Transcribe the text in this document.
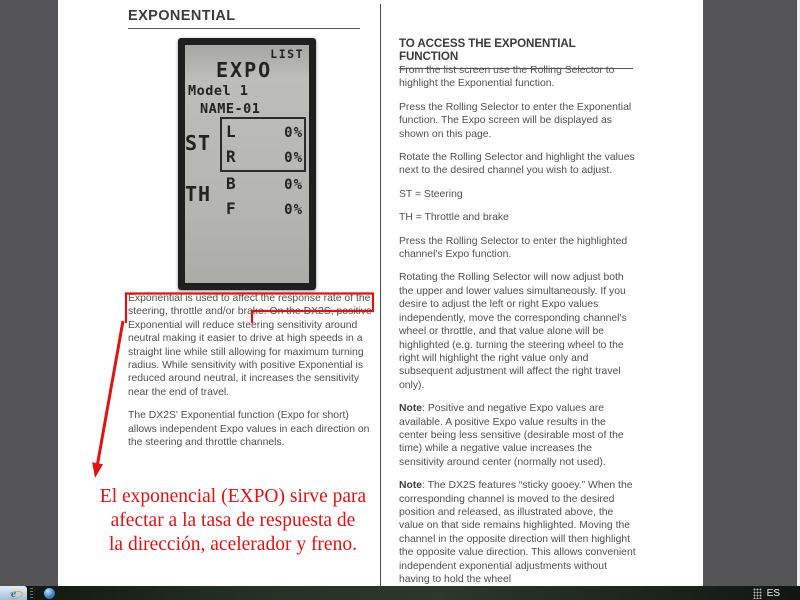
EXPONENTIAL
LIST
EXPO
Model 1
NAME-01
ST
TH
L	0%
R	0%
B	0%
F	0%

Exponential is used to affect the response rate of the steering, throttle and/or brake. On the DX2S, positive Exponential will reduce steering sensitivity around neutral making it easier to drive at high speeds in a straight line while still allowing for maximum turning radius. While sensitivity with positive Exponential is reduced around neutral, it increases the sensitivity near the end of travel.

The DX2S' Exponential function (Expo for short) allows independent Expo values in each direction on the steering and throttle channels.

TO ACCESS THE EXPONENTIAL FUNCTION

From the list screen use the Rolling Selector to highlight the Exponential function.

Press the Rolling Selector to enter the Exponential function. The Expo screen will be displayed as shown on this page.

Rotate the Rolling Selector and highlight the values next to the desired channel you wish to adjust.

ST = Steering

TH = Throttle and brake

Press the Rolling Selector to enter the highlighted channel's Expo function.

Rotating the Rolling Selector will now adjust both the upper and lower values simultaneously. If you desire to adjust the left or right Expo values independently, move the corresponding channel's wheel or throttle, and that value alone will be highlighted (e.g. turning the steering wheel to the right will highlight the right value only and subsequent adjustment will affect the right travel only).

Note: Positive and negative Expo values are available. A positive Expo value results in the center being less sensitive (desirable most of the time) while a negative value increases the sensitivity around center (normally not used).

Note: The DX2S features “sticky gooey.” When the corresponding channel is moved to the desired position and released, as illustrated above, the value on that side remains highlighted. Moving the channel in the opposite direction will then highlight the opposite value direction. This allows convenient independent exponential adjustments without having to hold the wheel

El exponencial (EXPO) sirve para
afectar a la tasa de respuesta de
la dirección, acelerador y freno.
e	ES
